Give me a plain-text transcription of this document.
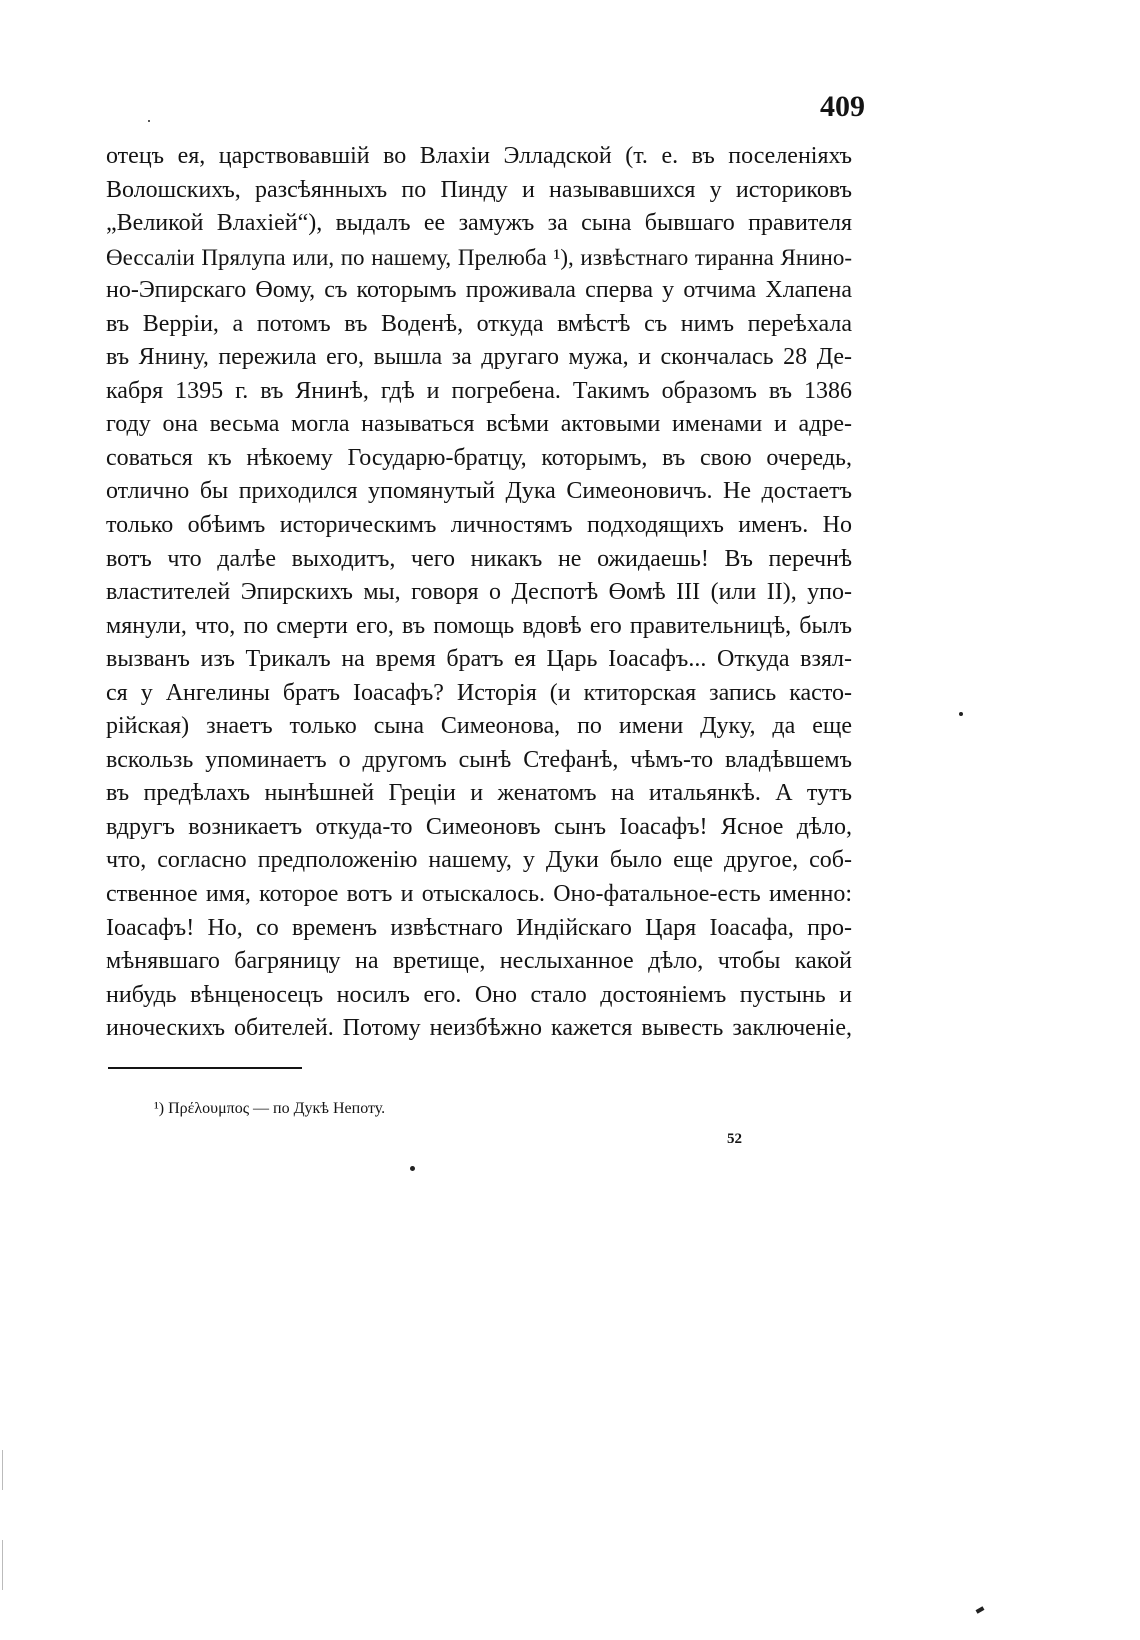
409
отецъ ея, царствовавшій во Влахіи Элладской (т. е. въ поселеніяхъ
Волошскихъ, разсѣянныхъ по Пинду и называвшихся у историковъ
„Великой Влахіей“), выдалъ ее замужъ за сына бывшаго правителя
Өессаліи Прялупа или, по нашему, Прелюба ¹), извѣстнаго тиранна Янино-
но-Эпирскаго Өому, съ которымъ проживала сперва у отчима Хлапена
въ Верріи, а потомъ въ Воденѣ, откуда вмѣстѣ съ нимъ переѣхала
въ Янину, пережила его, вышла за другаго мужа, и скончалась 28 Де-
кабря 1395 г. въ Янинѣ, гдѣ и погребена. Такимъ образомъ въ 1386
году она весьма могла называться всѣми актовыми именами и адре-
соваться къ нѣкоему Государю-братцу, которымъ, въ свою очередь,
отлично бы приходился упомянутый Дука Симеоновичъ. Не достаетъ
только обѣимъ историческимъ личностямъ подходящихъ именъ. Но
вотъ что далѣе выходитъ, чего никакъ не ожидаешь! Въ перечнѣ
властителей Эпирскихъ мы, говоря о Деспотѣ Өомѣ III (или II), упо-
мянули, что, по смерти его, въ помощь вдовѣ его правительницѣ, былъ
вызванъ изъ Трикалъ на время братъ ея Царь Іоасафъ... Откуда взял-
ся у Ангелины братъ Іоасафъ? Исторія (и ктиторская запись касто-
рійская) знаетъ только сына Симеонова, по имени Дуку, да еще
вскользь упоминаетъ о другомъ сынѣ Стефанѣ, чѣмъ-то владѣвшемъ
въ предѣлахъ нынѣшней Греціи и женатомъ на итальянкѣ. А тутъ
вдругъ возникаетъ откуда-то Симеоновъ сынъ Іоасафъ! Ясное дѣло,
что, согласно предположенію нашему, у Дуки было еще другое, соб-
ственное имя, которое вотъ и отыскалось. Оно-фатальное-есть именно:
Іоасафъ! Но, со временъ извѣстнаго Индійскаго Царя Іоасафа, про-
мѣнявшаго багряницу на вретище, неслыханное дѣло, чтобы какой
нибудь вѣнценосецъ носилъ его. Оно стало достояніемъ пустынь и
иноческихъ обителей. Потому неизбѣжно кажется вывесть заключеніе,
¹) Πρέλουμπος — по Дукѣ Непоту.
52
